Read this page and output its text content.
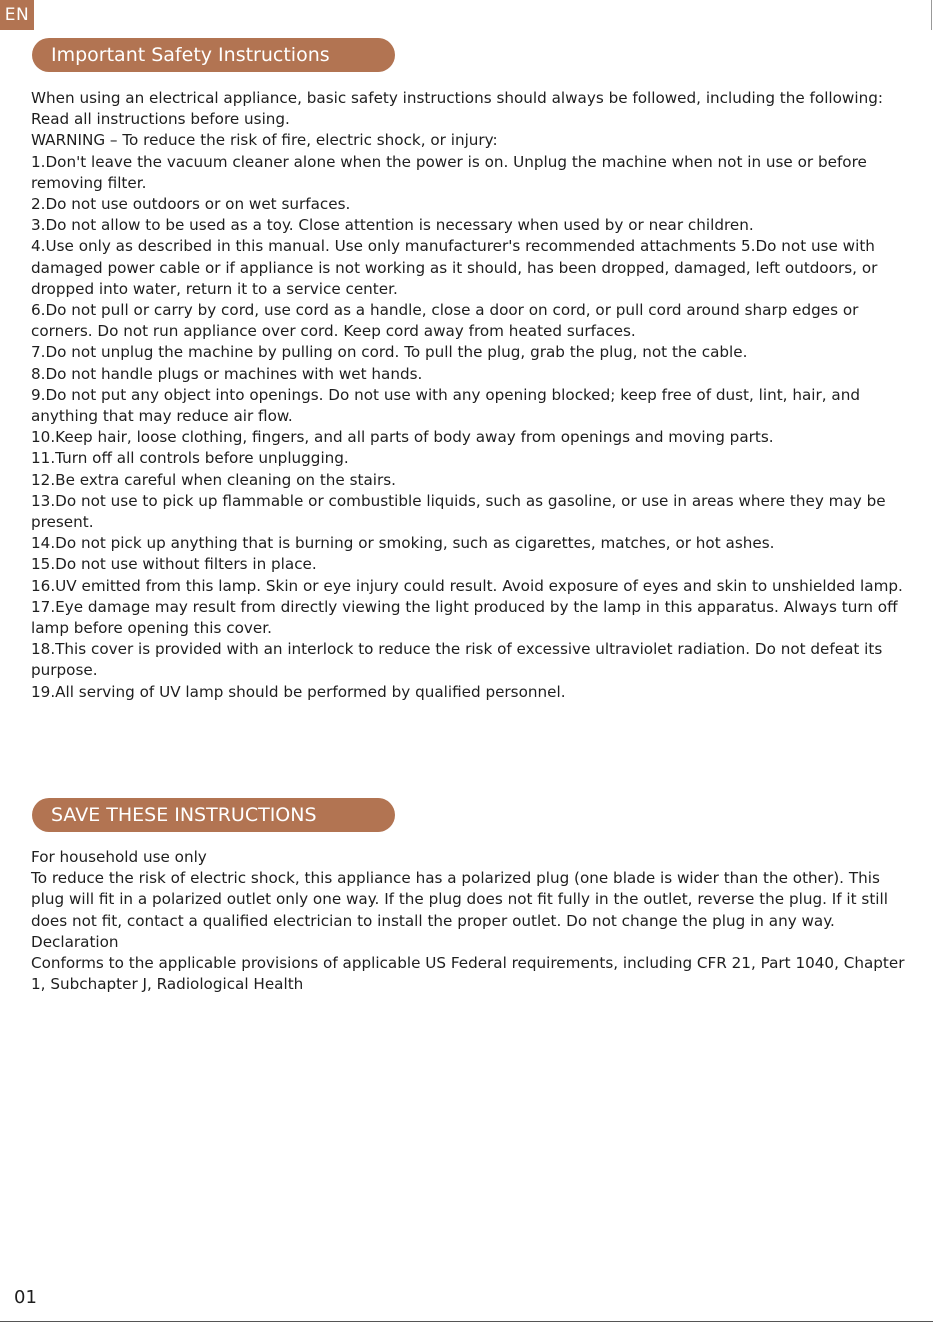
EN
Important Safety Instructions
When using an electrical appliance, basic safety instructions should always be followed, including the following:
Read all instructions before using.
WARNING – To reduce the risk of fire, electric shock, or injury:
1.Don't leave the vacuum cleaner alone when the power is on. Unplug the machine when not in use or before removing filter.
2.Do not use outdoors or on wet surfaces.
3.Do not allow to be used as a toy. Close attention is necessary when used by or near children.
4.Use only as described in this manual. Use only manufacturer's recommended attachments 5.Do not use with damaged power cable or if appliance is not working as it should, has been dropped, damaged, left outdoors, or dropped into water, return it to a service center.
6.Do not pull or carry by cord, use cord as a handle, close a door on cord, or pull cord around sharp edges or corners. Do not run appliance over cord. Keep cord away from heated surfaces.
7.Do not unplug the machine by pulling on cord. To pull the plug, grab the plug, not the cable.
8.Do not handle plugs or machines with wet hands.
9.Do not put any object into openings. Do not use with any opening blocked; keep free of dust, lint, hair, and anything that may reduce air flow.
10.Keep hair, loose clothing, fingers, and all parts of body away from openings and moving parts.
11.Turn off all controls before unplugging.
12.Be extra careful when cleaning on the stairs.
13.Do not use to pick up flammable or combustible liquids, such as gasoline, or use in areas where they may be present.
14.Do not pick up anything that is burning or smoking, such as cigarettes, matches, or hot ashes.
15.Do not use without filters in place.
16.UV emitted from this lamp. Skin or eye injury could result. Avoid exposure of eyes and skin to unshielded lamp.
17.Eye damage may result from directly viewing the light produced by the lamp in this apparatus. Always turn off lamp before opening this cover.
18.This cover is provided with an interlock to reduce the risk of excessive ultraviolet radiation. Do not defeat its purpose.
19.All serving of UV lamp should be performed by qualified personnel.
SAVE THESE INSTRUCTIONS
For household use only
To reduce the risk of electric shock, this appliance has a polarized plug (one blade is wider than the other). This plug will fit in a polarized outlet only one way. If the plug does not fit fully in the outlet, reverse the plug. If it still does not fit, contact a qualified electrician to install the proper outlet. Do not change the plug in any way.
Declaration
Conforms to the applicable provisions of applicable US Federal requirements, including CFR 21, Part 1040, Chapter 1, Subchapter J, Radiological Health
01
